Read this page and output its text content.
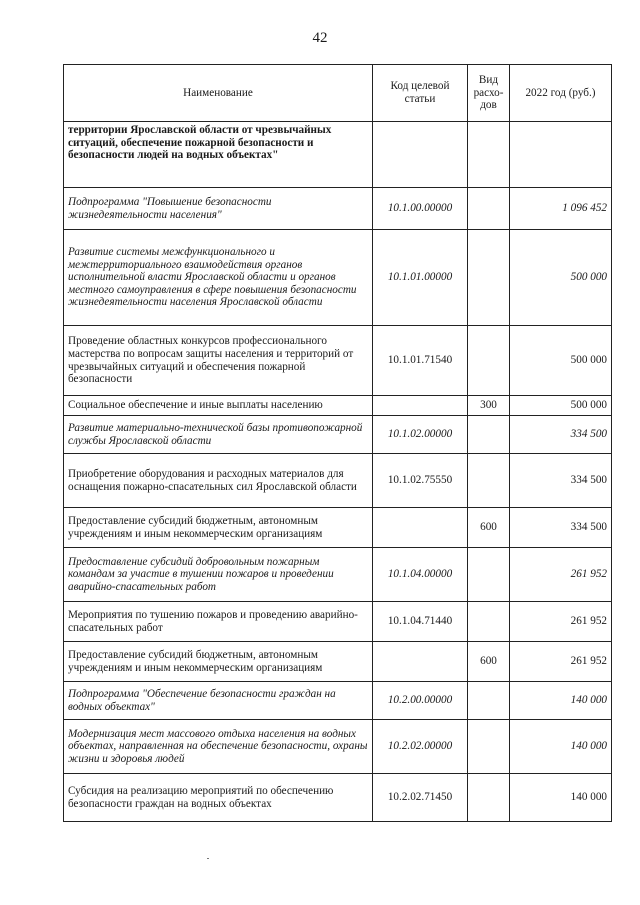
42
Наименование	Код целевой статьи	Вид расхо-дов	2022 год (руб.)
территории Ярославской области от чрезвычайных ситуаций, обеспечение пожарной безопасности и безопасности людей на водных объектах"			
Подпрограмма "Повышение безопасности жизнедеятельности населения"	10.1.00.00000		1 096 452
Развитие системы межфункционального и межтерриториального взаимодействия органов исполнительной власти Ярославской области и органов местного самоуправления в сфере повышения безопасности жизнедеятельности населения Ярославской области	10.1.01.00000		500 000
Проведение областных конкурсов профессионального мастерства по вопросам защиты населения и территорий от чрезвычайных ситуаций и обеспечения пожарной безопасности	10.1.01.71540		500 000
Социальное обеспечение и иные выплаты населению		300	500 000
Развитие материально-технической базы противопожарной службы Ярославской области	10.1.02.00000		334 500
Приобретение оборудования и расходных материалов для оснащения пожарно-спасательных сил Ярославской области	10.1.02.75550		334 500
Предоставление субсидий бюджетным, автономным учреждениям и иным некоммерческим организациям		600	334 500
Предоставление субсидий добровольным пожарным командам за участие в тушении пожаров и проведении аварийно-спасательных работ	10.1.04.00000		261 952
Мероприятия по тушению пожаров и проведению аварийно-спасательных работ	10.1.04.71440		261 952
Предоставление субсидий бюджетным, автономным учреждениям и иным некоммерческим организациям		600	261 952
Подпрограмма "Обеспечение безопасности граждан на водных объектах"	10.2.00.00000		140 000
Модернизация мест массового отдыха населения на водных объектах, направленная на обеспечение безопасности, охраны жизни и здоровья людей	10.2.02.00000		140 000
Субсидия на реализацию мероприятий по обеспечению безопасности граждан на водных объектах	10.2.02.71450		140 000
